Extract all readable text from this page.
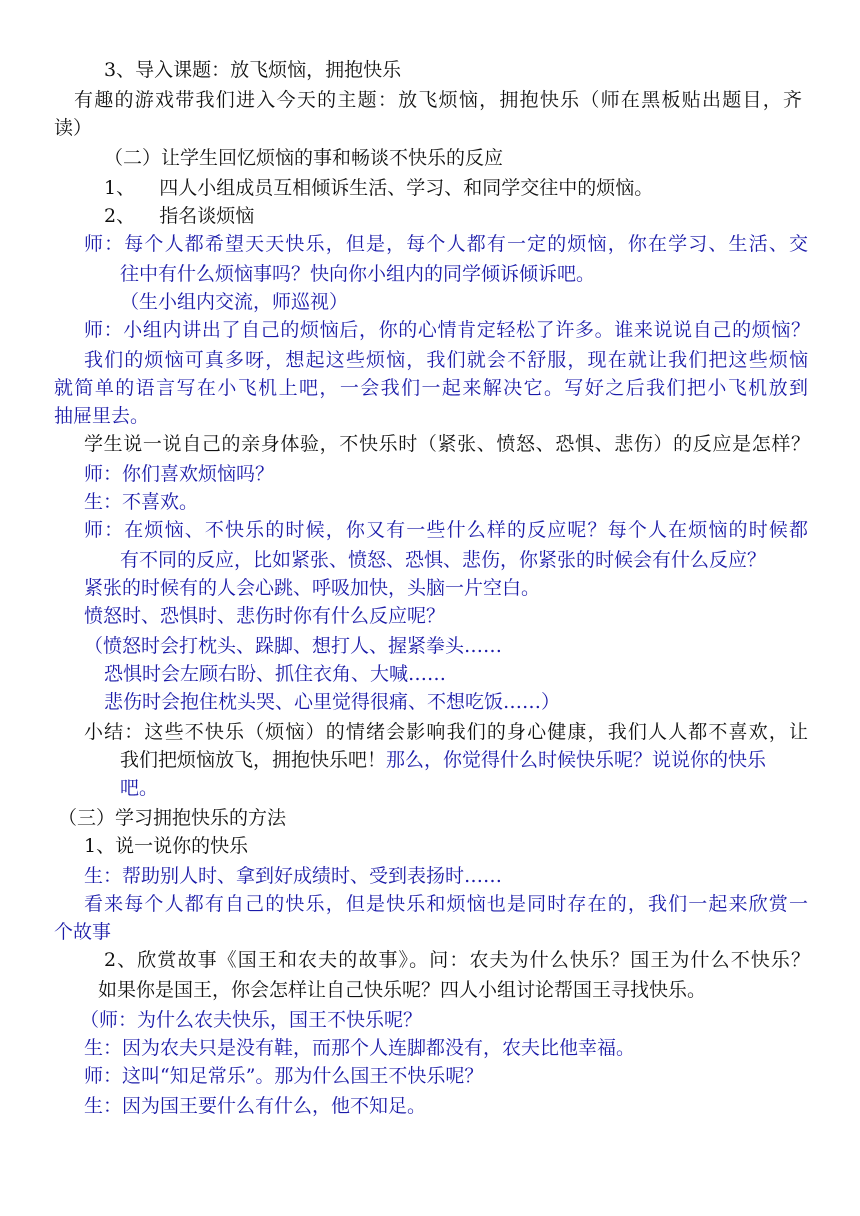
3、导入课题：放飞烦恼，拥抱快乐
有趣的游戏带我们进入今天的主题：放飞烦恼，拥抱快乐（师在黑板贴出题目，齐
读）
（二）让学生回忆烦恼的事和畅谈不快乐的反应
1、    四人小组成员互相倾诉生活、学习、和同学交往中的烦恼。
2、    指名谈烦恼
师：每个人都希望天天快乐，但是，每个人都有一定的烦恼，你在学习、生活、交
往中有什么烦恼事吗？快向你小组内的同学倾诉倾诉吧。
（生小组内交流，师巡视）
师：小组内讲出了自己的烦恼后，你的心情肯定轻松了许多。谁来说说自己的烦恼？
我们的烦恼可真多呀，想起这些烦恼，我们就会不舒服，现在就让我们把这些烦恼
就简单的语言写在小飞机上吧，一会我们一起来解决它。写好之后我们把小飞机放到
抽屉里去。
学生说一说自己的亲身体验，不快乐时（紧张、愤怒、恐惧、悲伤）的反应是怎样？
师：你们喜欢烦恼吗？
生：不喜欢。
师：在烦恼、不快乐的时候，你又有一些什么样的反应呢？每个人在烦恼的时候都
有不同的反应，比如紧张、愤怒、恐惧、悲伤，你紧张的时候会有什么反应？
紧张的时候有的人会心跳、呼吸加快，头脑一片空白。
愤怒时、恐惧时、悲伤时你有什么反应呢？
（愤怒时会打枕头、跺脚、想打人、握紧拳头……
恐惧时会左顾右盼、抓住衣角、大喊……
悲伤时会抱住枕头哭、心里觉得很痛、不想吃饭……）
小结：这些不快乐（烦恼）的情绪会影响我们的身心健康，我们人人都不喜欢，让
我们把烦恼放飞，拥抱快乐吧！那么，你觉得什么时候快乐呢？说说你的快乐
吧。
（三）学习拥抱快乐的方法
1、说一说你的快乐
生：帮助别人时、拿到好成绩时、受到表扬时……
看来每个人都有自己的快乐，但是快乐和烦恼也是同时存在的，我们一起来欣赏一
个故事
2、欣赏故事《国王和农夫的故事》。问：农夫为什么快乐？国王为什么不快乐？
如果你是国王，你会怎样让自己快乐呢？四人小组讨论帮国王寻找快乐。
（师：为什么农夫快乐，国王不快乐呢？
生：因为农夫只是没有鞋，而那个人连脚都没有，农夫比他幸福。
师：这叫“知足常乐”。那为什么国王不快乐呢？
生：因为国王要什么有什么，他不知足。
